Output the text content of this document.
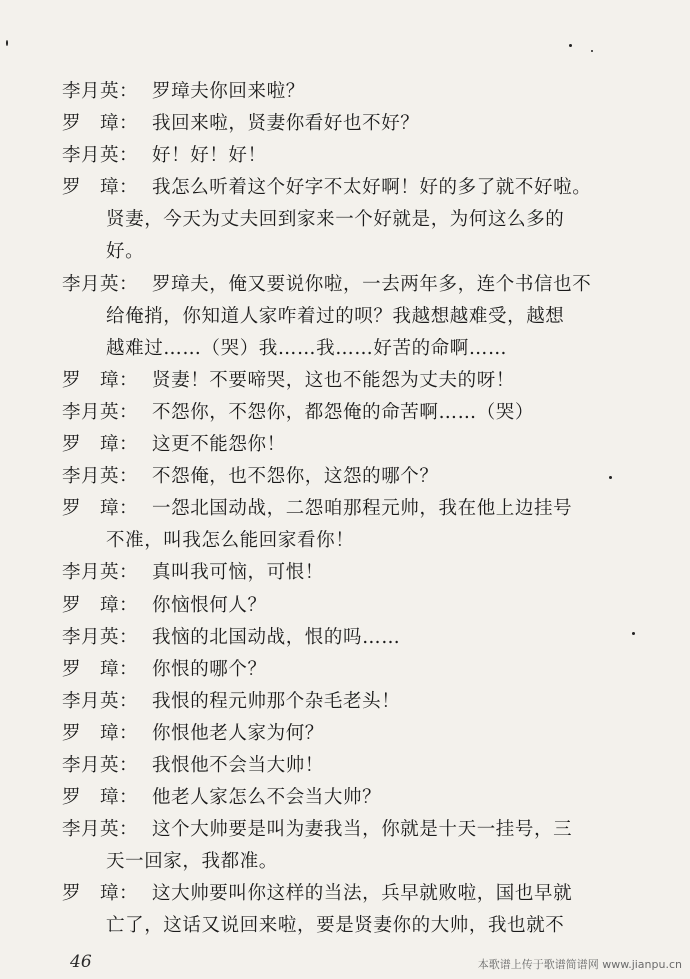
李月英： 罗璋夫你回来啦？
罗　璋： 我回来啦，贤妻你看好也不好？
李月英： 好！好！好！
罗　璋： 我怎么听着这个好字不太好啊！好的多了就不好啦。
贤妻，今天为丈夫回到家来一个好就是，为何这么多的
好。
李月英： 罗璋夫，俺又要说你啦，一去两年多，连个书信也不
给俺捎，你知道人家咋着过的呗？我越想越难受，越想
越难过……（哭）我……我……好苦的命啊……
罗　璋： 贤妻！不要啼哭，这也不能怨为丈夫的呀！
李月英： 不怨你，不怨你，都怨俺的命苦啊……（哭）
罗　璋： 这更不能怨你！
李月英： 不怨俺，也不怨你，这怨的哪个？
罗　璋： 一怨北国动战，二怨咱那程元帅，我在他上边挂号
不准，叫我怎么能回家看你！
李月英： 真叫我可恼，可恨！
罗　璋： 你恼恨何人？
李月英： 我恼的北国动战，恨的吗……
罗　璋： 你恨的哪个？
李月英： 我恨的程元帅那个杂毛老头！
罗　璋： 你恨他老人家为何？
李月英： 我恨他不会当大帅！
罗　璋： 他老人家怎么不会当大帅？
李月英： 这个大帅要是叫为妻我当，你就是十天一挂号，三
天一回家，我都准。
罗　璋： 这大帅要叫你这样的当法，兵早就败啦，国也早就
亡了，这话又说回来啦，要是贤妻你的大帅，我也就不
46	本歌谱上传于歌谱简谱网 www.jianpu.cn
